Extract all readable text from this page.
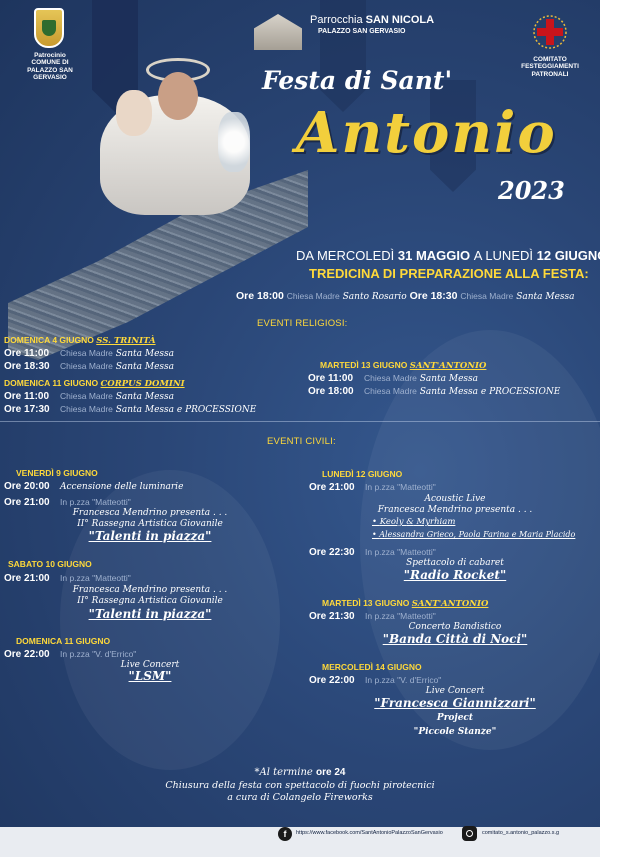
Patrocinio
COMUNE DI
PALAZZO SAN GERVASIO
Parrocchia SAN NICOLA
PALAZZO SAN GERVASIO
COMITATO FESTEGGIAMENTI
PATRONALI
Festa di Sant'
Antonio
2023
DA MERCOLEDÌ 31 MAGGIO A LUNEDÌ 12 GIUGNO
TREDICINA DI PREPARAZIONE ALLA FESTA:
Ore 18:00 Chiesa Madre Santo Rosario Ore 18:30 Chiesa Madre Santa Messa
EVENTI RELIGIOSI:
DOMENICA 4 GIUGNO SS. TRINITÀ
Ore 11:00 Chiesa Madre Santa Messa
Ore 18:30 Chiesa Madre Santa Messa
DOMENICA 11 GIUGNO CORPUS DOMINI
Ore 11:00 Chiesa Madre Santa Messa
Ore 17:30 Chiesa Madre Santa Messa e PROCESSIONE
MARTEDÌ 13 GIUGNO SANT'ANTONIO
Ore 11:00 Chiesa Madre Santa Messa
Ore 18:00 Chiesa Madre Santa Messa e PROCESSIONE
EVENTI CIVILI:
VENERDÌ 9 GIUGNO
Ore 20:00 Accensione delle luminarie
Ore 21:00 In p.zza "Matteotti"
Francesca Mendrino presenta . . .
II° Rassegna Artistica Giovanile
"Talenti in piazza"
SABATO 10 GIUGNO
Ore 21:00 In p.zza "Matteotti"
Francesca Mendrino presenta . . .
II° Rassegna Artistica Giovanile
"Talenti in piazza"
DOMENICA 11 GIUGNO
Ore 22:00 In p.zza "V. d'Errico"
Live Concert
"LSM"
LUNEDÌ 12 GIUGNO
Ore 21:00 In p.zza "Matteotti"
Acoustic Live
Francesca Mendrino presenta . . .
• Keoly & Myrhiam
• Alessandra Grieco, Paola Farina e Maria Placido
Ore 22:30 In p.zza "Matteotti"
Spettacolo di cabaret
"Radio Rocket"
MARTEDÌ 13 GIUGNO SANT'ANTONIO
Ore 21:30 In p.zza "Matteotti"
Concerto Bandistico
"Banda Città di Noci"
MERCOLEDÌ 14 GIUGNO
Ore 22:00 In p.zza "V. d'Errico"
Live Concert
"Francesca Giannizzari"
Project
"Piccole Stanze"
*Al termine ore 24
Chiusura della festa con spettacolo di fuochi pirotecnici
a cura di Colangelo Fireworks
f	https://www.facebook.com/SantAntonioPalazzoSanGervasio	comitato_s.antonio_palazzo.s.g
